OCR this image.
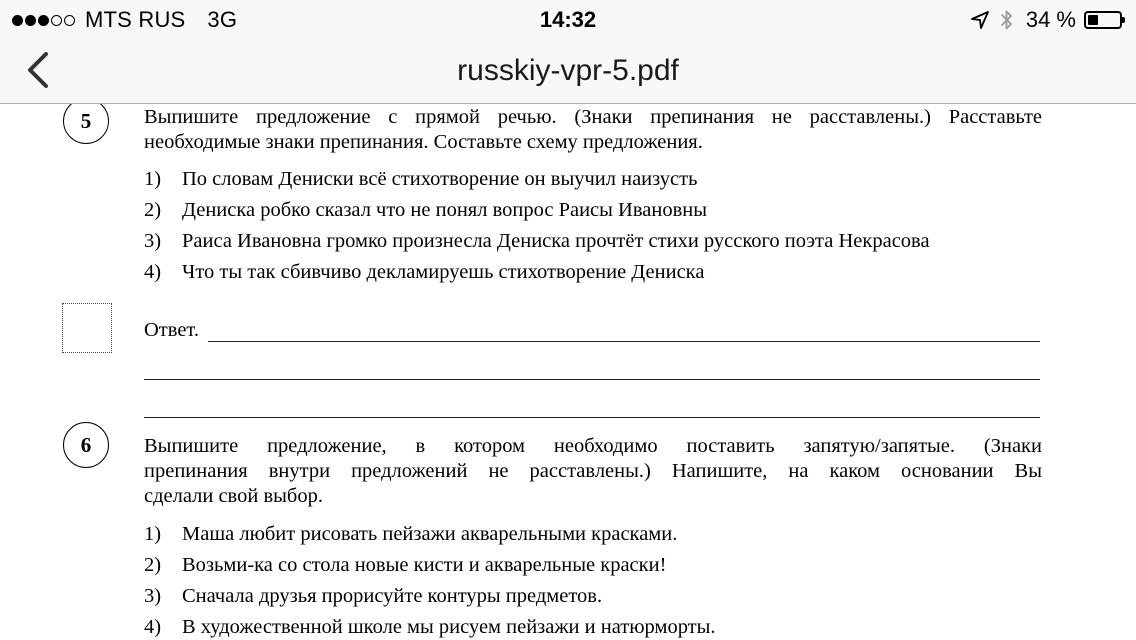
MTS RUS 3G	14:32	34 %
russkiy-vpr-5.pdf
5	Выпишите предложение с прямой речью. (Знаки препинания не расставлены.) Расставьте
необходимые знаки препинания. Составьте схему предложения.
1) По словам Дениски всё стихотворение он выучил наизусть
2) Дениска робко сказал что не понял вопрос Раисы Ивановны
3) Раиса Ивановна громко произнесла Дениска прочтёт стихи русского поэта Некрасова
4) Что ты так сбивчиво декламируешь стихотворение Дениска
Ответ.
6	Выпишите предложение, в котором необходимо поставить запятую/запятые. (Знаки
препинания внутри предложений не расставлены.) Напишите, на каком основании Вы
сделали свой выбор.
1) Маша любит рисовать пейзажи акварельными красками.
2) Возьми-ка со стола новые кисти и акварельные краски!
3) Сначала друзья прорисуйте контуры предметов.
4) В художественной школе мы рисуем пейзажи и натюрморты.
